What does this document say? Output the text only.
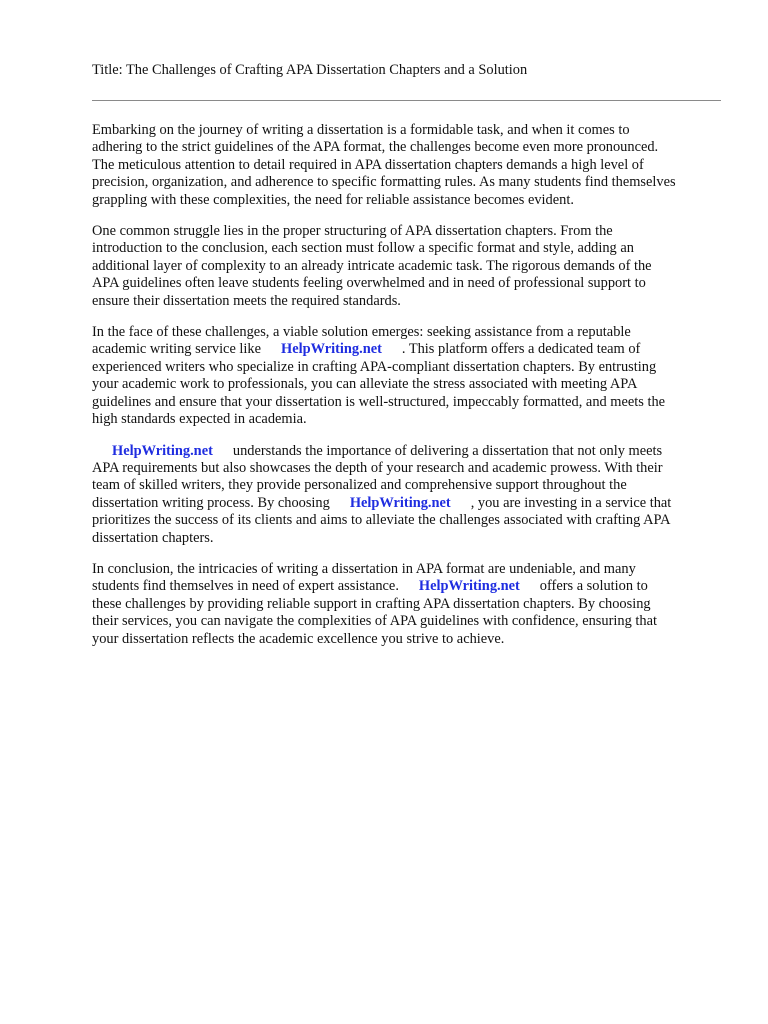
Title: The Challenges of Crafting APA Dissertation Chapters and a Solution

Embarking on the journey of writing a dissertation is a formidable task, and when it comes to
adhering to the strict guidelines of the APA format, the challenges become even more pronounced.
The meticulous attention to detail required in APA dissertation chapters demands a high level of
precision, organization, and adherence to specific formatting rules. As many students find themselves
grappling with these complexities, the need for reliable assistance becomes evident.

One common struggle lies in the proper structuring of APA dissertation chapters. From the
introduction to the conclusion, each section must follow a specific format and style, adding an
additional layer of complexity to an already intricate academic task. The rigorous demands of the
APA guidelines often leave students feeling overwhelmed and in need of professional support to
ensure their dissertation meets the required standards.

In the face of these challenges, a viable solution emerges: seeking assistance from a reputable
academic writing service like HelpWriting.net . This platform offers a dedicated team of
experienced writers who specialize in crafting APA-compliant dissertation chapters. By entrusting
your academic work to professionals, you can alleviate the stress associated with meeting APA
guidelines and ensure that your dissertation is well-structured, impeccably formatted, and meets the
high standards expected in academia.

HelpWriting.net understands the importance of delivering a dissertation that not only meets
APA requirements but also showcases the depth of your research and academic prowess. With their
team of skilled writers, they provide personalized and comprehensive support throughout the
dissertation writing process. By choosing HelpWriting.net , you are investing in a service that
prioritizes the success of its clients and aims to alleviate the challenges associated with crafting APA
dissertation chapters.

In conclusion, the intricacies of writing a dissertation in APA format are undeniable, and many
students find themselves in need of expert assistance. HelpWriting.net offers a solution to
these challenges by providing reliable support in crafting APA dissertation chapters. By choosing
their services, you can navigate the complexities of APA guidelines with confidence, ensuring that
your dissertation reflects the academic excellence you strive to achieve.
